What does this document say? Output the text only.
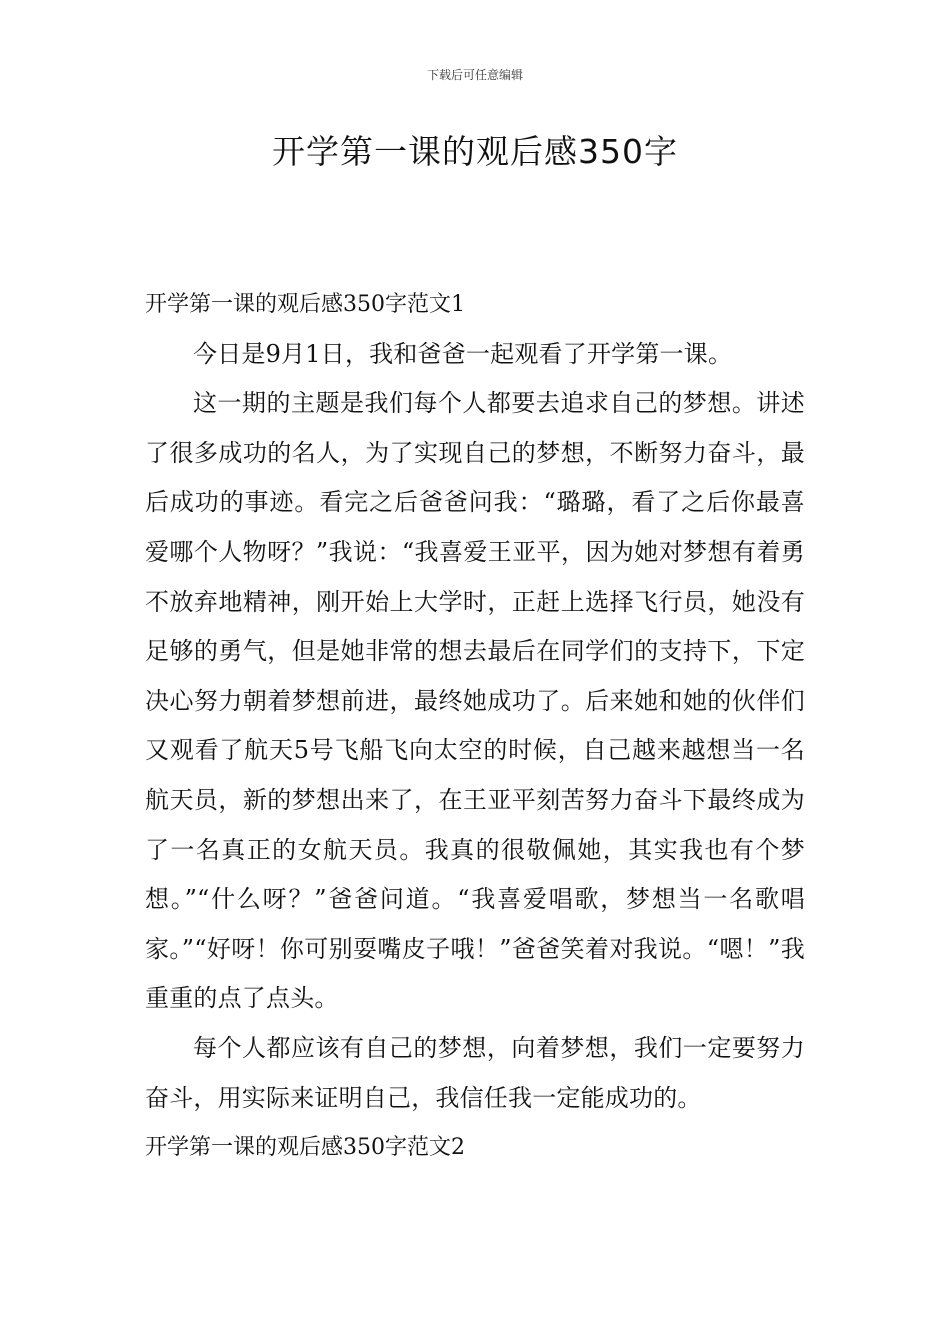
下载后可任意编辑
开学第一课的观后感350字
开学第一课的观后感350字范文1

今日是9月1日，我和爸爸一起观看了开学第一课。

这一期的主题是我们每个人都要去追求自己的梦想。讲述了很多成功的名人，为了实现自己的梦想，不断努力奋斗，最后成功的事迹。看完之后爸爸问我：“璐璐，看了之后你最喜爱哪个人物呀？”我说：“我喜爱王亚平，因为她对梦想有着勇不放弃地精神，刚开始上大学时，正赶上选择飞行员，她没有足够的勇气，但是她非常的想去最后在同学们的支持下，下定决心努力朝着梦想前进，最终她成功了。后来她和她的伙伴们又观看了航天5号飞船飞向太空的时候，自己越来越想当一名航天员，新的梦想出来了，在王亚平刻苦努力奋斗下最终成为了一名真正的女航天员。我真的很敬佩她，其实我也有个梦想。”“什么呀？”爸爸问道。“我喜爱唱歌，梦想当一名歌唱家。”“好呀！你可别耍嘴皮子哦！”爸爸笑着对我说。“嗯！”我重重的点了点头。

每个人都应该有自己的梦想，向着梦想，我们一定要努力奋斗，用实际来证明自己，我信任我一定能成功的。

开学第一课的观后感350字范文2
